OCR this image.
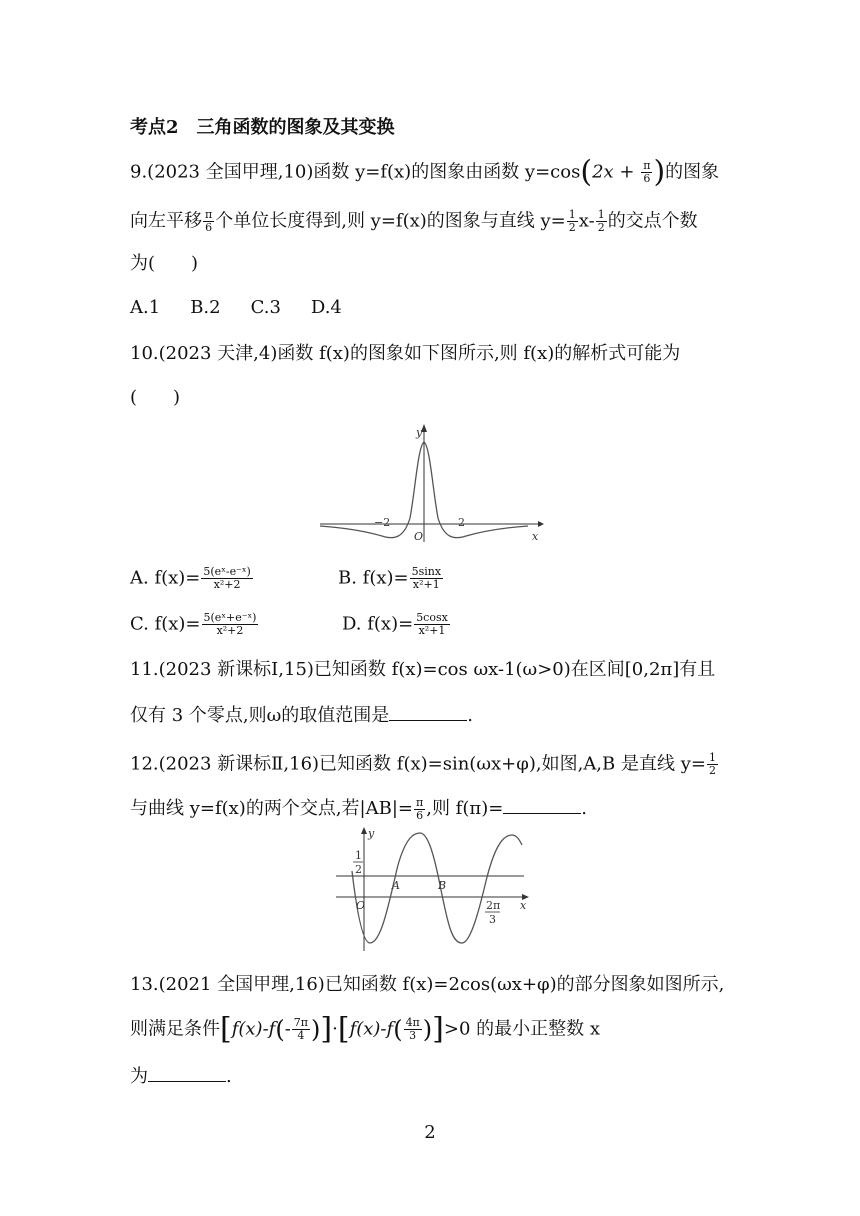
考点2　三角函数的图象及其变换
9.(2023 全国甲理,10)函数 y=f(x)的图象由函数 $y=\cos(2x + \frac{\pi}{6}$ )的图象
向左平移 $\frac{\pi}{6}$ 个单位长度得到,则 y=f(x)的图象与直线 $y= \frac{1}{2} x- \frac{1}{2}$ 的交点个数
为(　　)
A.1 B.2 C.3 D.4
10.(2023 天津,4)函数 f(x)的图象如下图所示,则 f(x)的解析式可能为
(　　)
y
x
O
−2	2
A. $f(x)= \frac{\text{5(eˣ-e⁻ˣ)}}{\text{x²+2}}$	B. $f(x)= \frac{5\sin x}{\text{x²+1}}$
C. $f(x)= \frac{\text{5(eˣ+e⁻ˣ)}}{\text{x²+2}}$	D. $f(x)= \frac{5\cos x}{\text{x²+1}}$
11.(2023 新课标Ⅰ,15)已知函数 f(x)=cos ωx-1(ω>0)在区间[0,2π]有且
仅有 3 个零点,则ω的取值范围是	.
12.(2023 新课标Ⅱ,16)已知函数 f(x)=sin(ωx+φ),如图,A,B 是直线 $y= \frac{1}{2}$
与曲线 y=f(x)的两个交点,若$|AB|= \frac{\pi}{6}$ ,则 f(π)=	.
y
x
O
1
2
A	B
2π
3
13.(2021 全国甲理,16)已知函数 f(x)=2cos(ωx+φ)的部分图象如图所示,
则满足条件$[f(x)-f(- \frac{7\pi}{4} )]\cdot[f(x)-f( \frac{4\pi}{3} )]>0$ 的最小正整数 x
为	.
2
